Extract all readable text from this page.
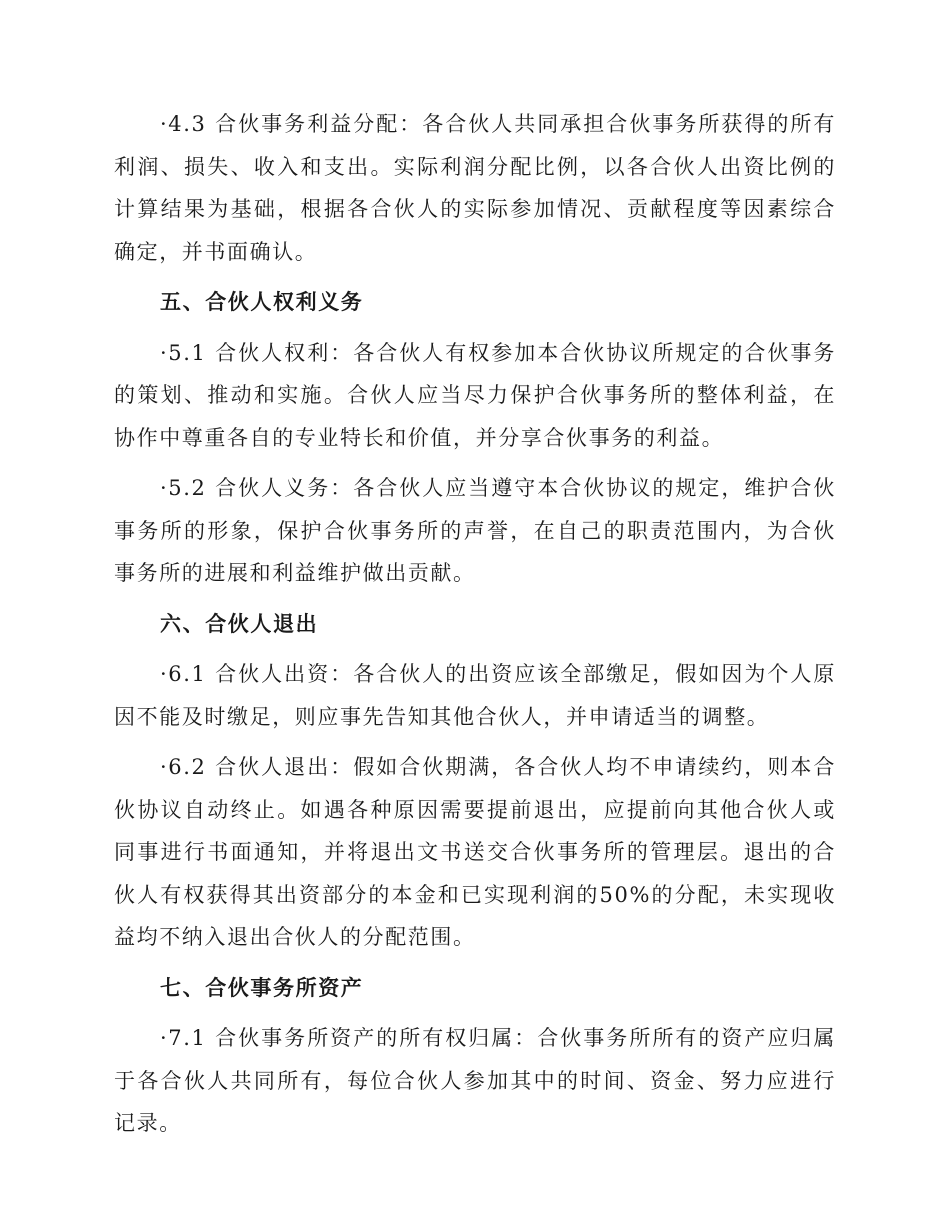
·4.3 合伙事务利益分配：各合伙人共同承担合伙事务所获得的所有利润、损失、收入和支出。实际利润分配比例，以各合伙人出资比例的计算结果为基础，根据各合伙人的实际参加情况、贡献程度等因素综合确定，并书面确认。

五、合伙人权利义务

·5.1 合伙人权利：各合伙人有权参加本合伙协议所规定的合伙事务的策划、推动和实施。合伙人应当尽力保护合伙事务所的整体利益，在协作中尊重各自的专业特长和价值，并分享合伙事务的利益。

·5.2 合伙人义务：各合伙人应当遵守本合伙协议的规定，维护合伙事务所的形象，保护合伙事务所的声誉，在自己的职责范围内，为合伙事务所的进展和利益维护做出贡献。

六、合伙人退出

·6.1 合伙人出资：各合伙人的出资应该全部缴足，假如因为个人原因不能及时缴足，则应事先告知其他合伙人，并申请适当的调整。

·6.2 合伙人退出：假如合伙期满，各合伙人均不申请续约，则本合伙协议自动终止。如遇各种原因需要提前退出，应提前向其他合伙人或同事进行书面通知，并将退出文书送交合伙事务所的管理层。退出的合伙人有权获得其出资部分的本金和已实现利润的50%的分配，未实现收益均不纳入退出合伙人的分配范围。

七、合伙事务所资产

·7.1 合伙事务所资产的所有权归属：合伙事务所所有的资产应归属于各合伙人共同所有，每位合伙人参加其中的时间、资金、努力应进行记录。
